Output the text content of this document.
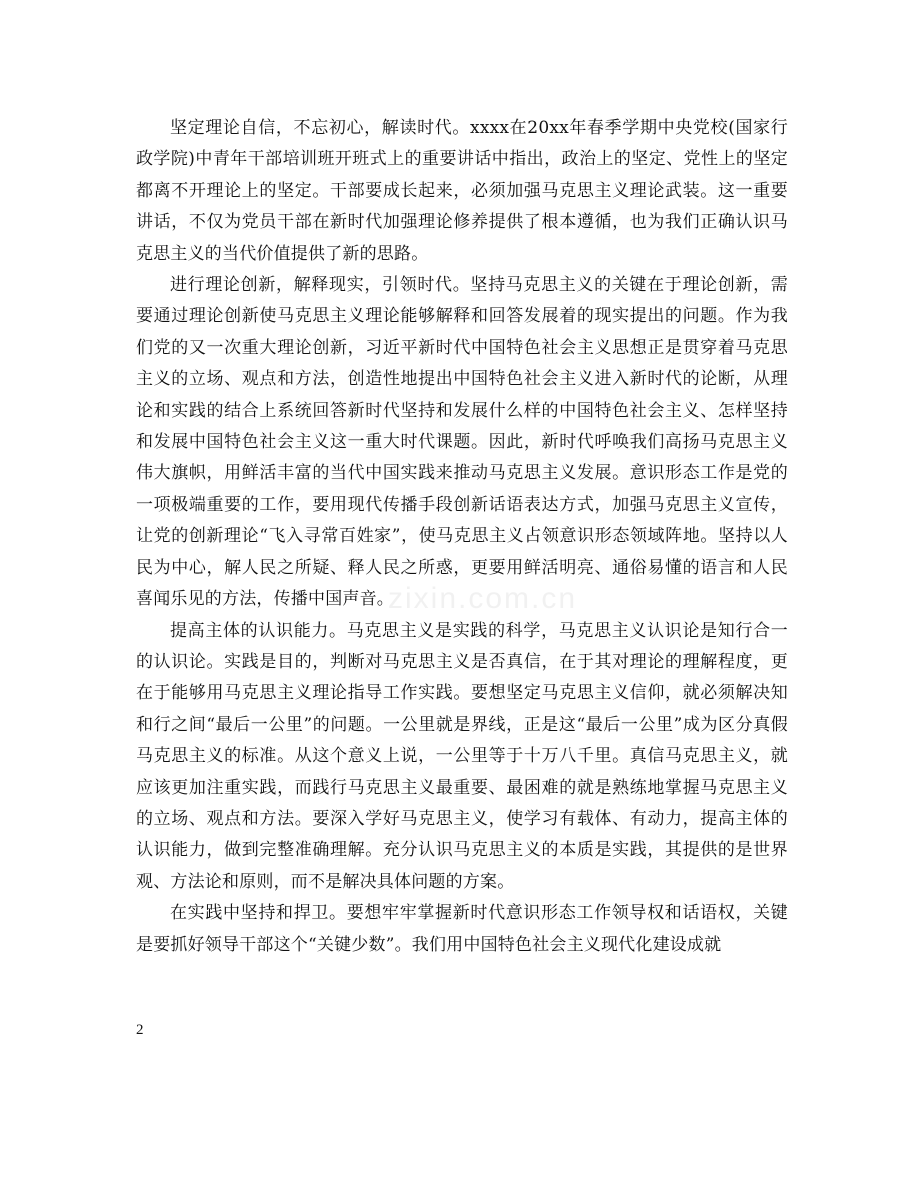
坚定理论自信，不忘初心，解读时代。xxxx在20xx年春季学期中央党校(国家行政学院)中青年干部培训班开班式上的重要讲话中指出，政治上的坚定、党性上的坚定都离不开理论上的坚定。干部要成长起来，必须加强马克思主义理论武装。这一重要讲话，不仅为党员干部在新时代加强理论修养提供了根本遵循，也为我们正确认识马克思主义的当代价值提供了新的思路。

进行理论创新，解释现实，引领时代。坚持马克思主义的关键在于理论创新，需要通过理论创新使马克思主义理论能够解释和回答发展着的现实提出的问题。作为我们党的又一次重大理论创新，习近平新时代中国特色社会主义思想正是贯穿着马克思主义的立场、观点和方法，创造性地提出中国特色社会主义进入新时代的论断，从理论和实践的结合上系统回答新时代坚持和发展什么样的中国特色社会主义、怎样坚持和发展中国特色社会主义这一重大时代课题。因此，新时代呼唤我们高扬马克思主义伟大旗帜，用鲜活丰富的当代中国实践来推动马克思主义发展。意识形态工作是党的一项极端重要的工作，要用现代传播手段创新话语表达方式，加强马克思主义宣传，让党的创新理论“飞入寻常百姓家”，使马克思主义占领意识形态领域阵地。坚持以人民为中心，解人民之所疑、释人民之所惑，更要用鲜活明亮、通俗易懂的语言和人民喜闻乐见的方法，传播中国声音。

提高主体的认识能力。马克思主义是实践的科学，马克思主义认识论是知行合一的认识论。实践是目的，判断对马克思主义是否真信，在于其对理论的理解程度，更在于能够用马克思主义理论指导工作实践。要想坚定马克思主义信仰，就必须解决知和行之间“最后一公里”的问题。一公里就是界线，正是这“最后一公里”成为区分真假马克思主义的标准。从这个意义上说，一公里等于十万八千里。真信马克思主义，就应该更加注重实践，而践行马克思主义最重要、最困难的就是熟练地掌握马克思主义的立场、观点和方法。要深入学好马克思主义，使学习有载体、有动力，提高主体的认识能力，做到完整准确理解。充分认识马克思主义的本质是实践，其提供的是世界观、方法论和原则，而不是解决具体问题的方案。

在实践中坚持和捍卫。要想牢牢掌握新时代意识形态工作领导权和话语权，关键是要抓好领导干部这个“关键少数”。我们用中国特色社会主义现代化建设成就

zixin.com.cn
2
